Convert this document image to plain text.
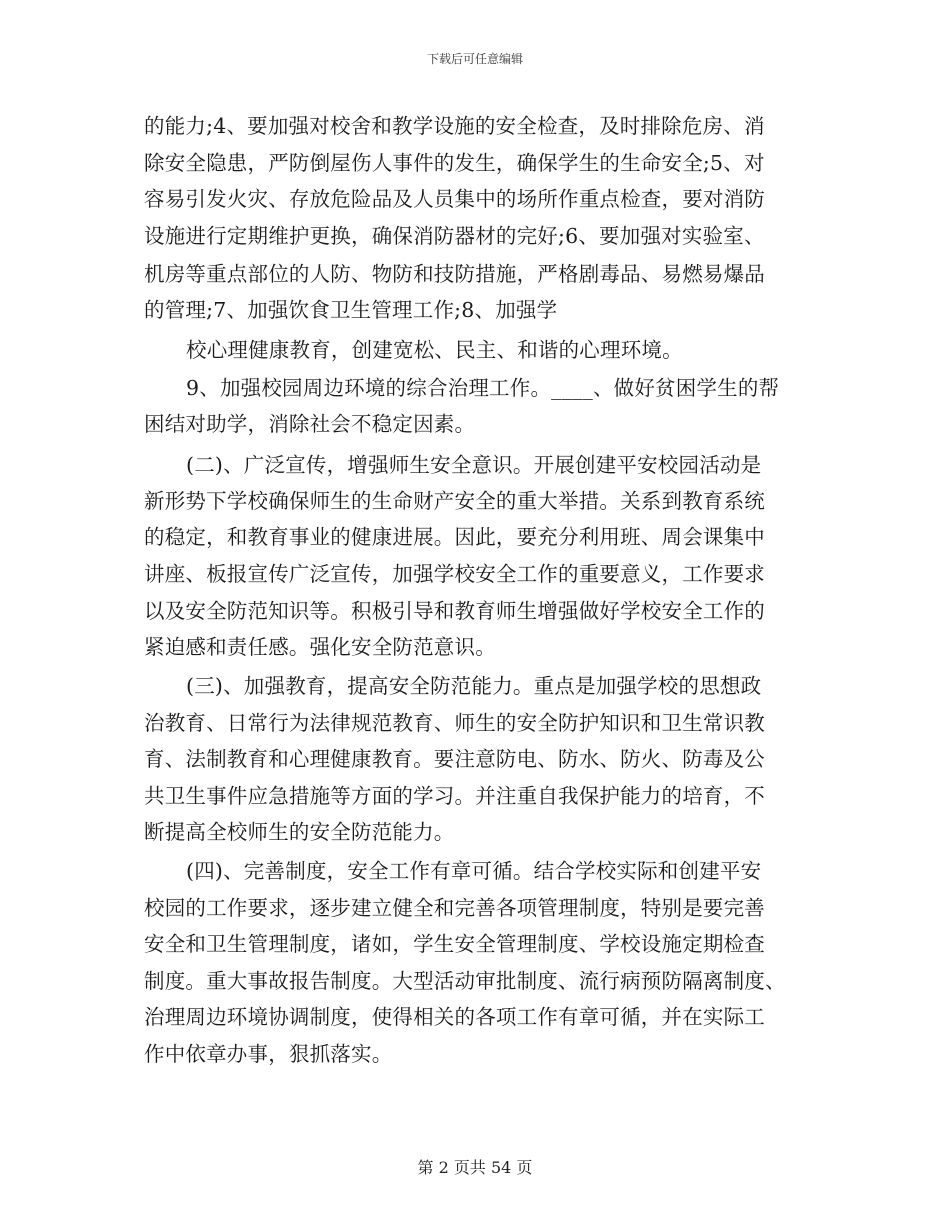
下载后可任意编辑
的能力;4、要加强对校舍和教学设施的安全检查，及时排除危房、消
除安全隐患，严防倒屋伤人事件的发生，确保学生的生命安全;5、对
容易引发火灾、存放危险品及人员集中的场所作重点检查，要对消防
设施进行定期维护更换，确保消防器材的完好;6、要加强对实验室、
机房等重点部位的人防、物防和技防措施，严格剧毒品、易燃易爆品
的管理;7、加强饮食卫生管理工作;8、加强学
校心理健康教育，创建宽松、民主、和谐的心理环境。
9、加强校园周边环境的综合治理工作。____、做好贫困学生的帮
困结对助学，消除社会不稳定因素。
(二)、广泛宣传，增强师生安全意识。开展创建平安校园活动是
新形势下学校确保师生的生命财产安全的重大举措。关系到教育系统
的稳定，和教育事业的健康进展。因此，要充分利用班、周会课集中
讲座、板报宣传广泛宣传，加强学校安全工作的重要意义，工作要求
以及安全防范知识等。积极引导和教育师生增强做好学校安全工作的
紧迫感和责任感。强化安全防范意识。
(三)、加强教育，提高安全防范能力。重点是加强学校的思想政
治教育、日常行为法律规范教育、师生的安全防护知识和卫生常识教
育、法制教育和心理健康教育。要注意防电、防水、防火、防毒及公
共卫生事件应急措施等方面的学习。并注重自我保护能力的培育，不
断提高全校师生的安全防范能力。
(四)、完善制度，安全工作有章可循。结合学校实际和创建平安
校园的工作要求，逐步建立健全和完善各项管理制度，特别是要完善
安全和卫生管理制度，诸如，学生安全管理制度、学校设施定期检查
制度。重大事故报告制度。大型活动审批制度、流行病预防隔离制度、
治理周边环境协调制度，使得相关的各项工作有章可循，并在实际工
作中依章办事，狠抓落实。
第 2 页共 54 页
